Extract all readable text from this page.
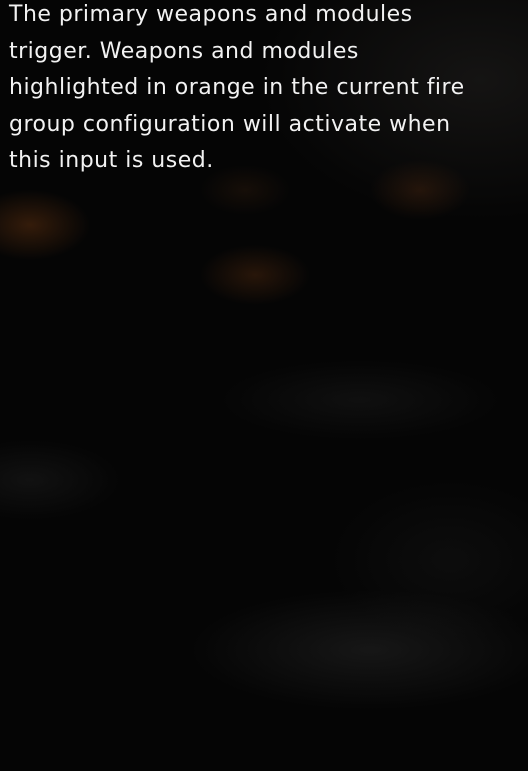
The primary weapons and modules
trigger. Weapons and modules
highlighted in orange in the current fire
group configuration will activate when
this input is used.
